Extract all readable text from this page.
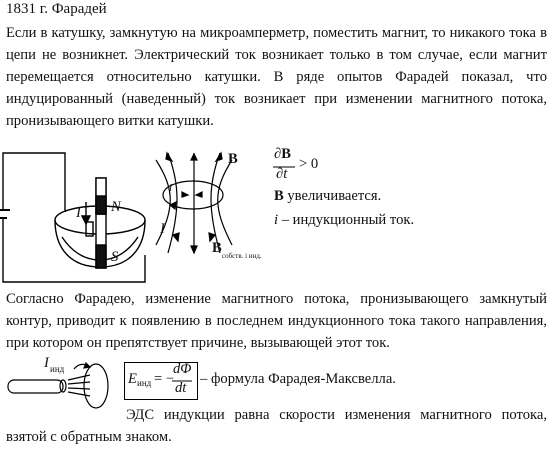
1831 г. Фарадей

Если в катушку, замкнутую на микроамперметр, поместить магнит, то никакого тока в цепи не возникнет. Электрический ток возникает только в том случае, если магнит перемещается относительно катушки. В ряде опытов Фарадей показал, что индуцированный (наведенный) ток возникает при изменении магнитного потока, пронизывающего витки катушки.

I N
S
B
I
i
B собств. i инд.
∂B
∂t
> 0
B увеличивается.
i – индукционный ток.

Согласно Фарадею, изменение магнитного потока, пронизывающего замкнутый контур, приводит к появлению в последнем индукционного тока такого направления, при котором он препятствует причине, вызывающей этот ток.

I инд
E инд = −
dΦ
dt
– формула Фарадея-Максвелла.

ЭДС индукции равна скорости изменения магнитного потока, взятой с обратным знаком.
